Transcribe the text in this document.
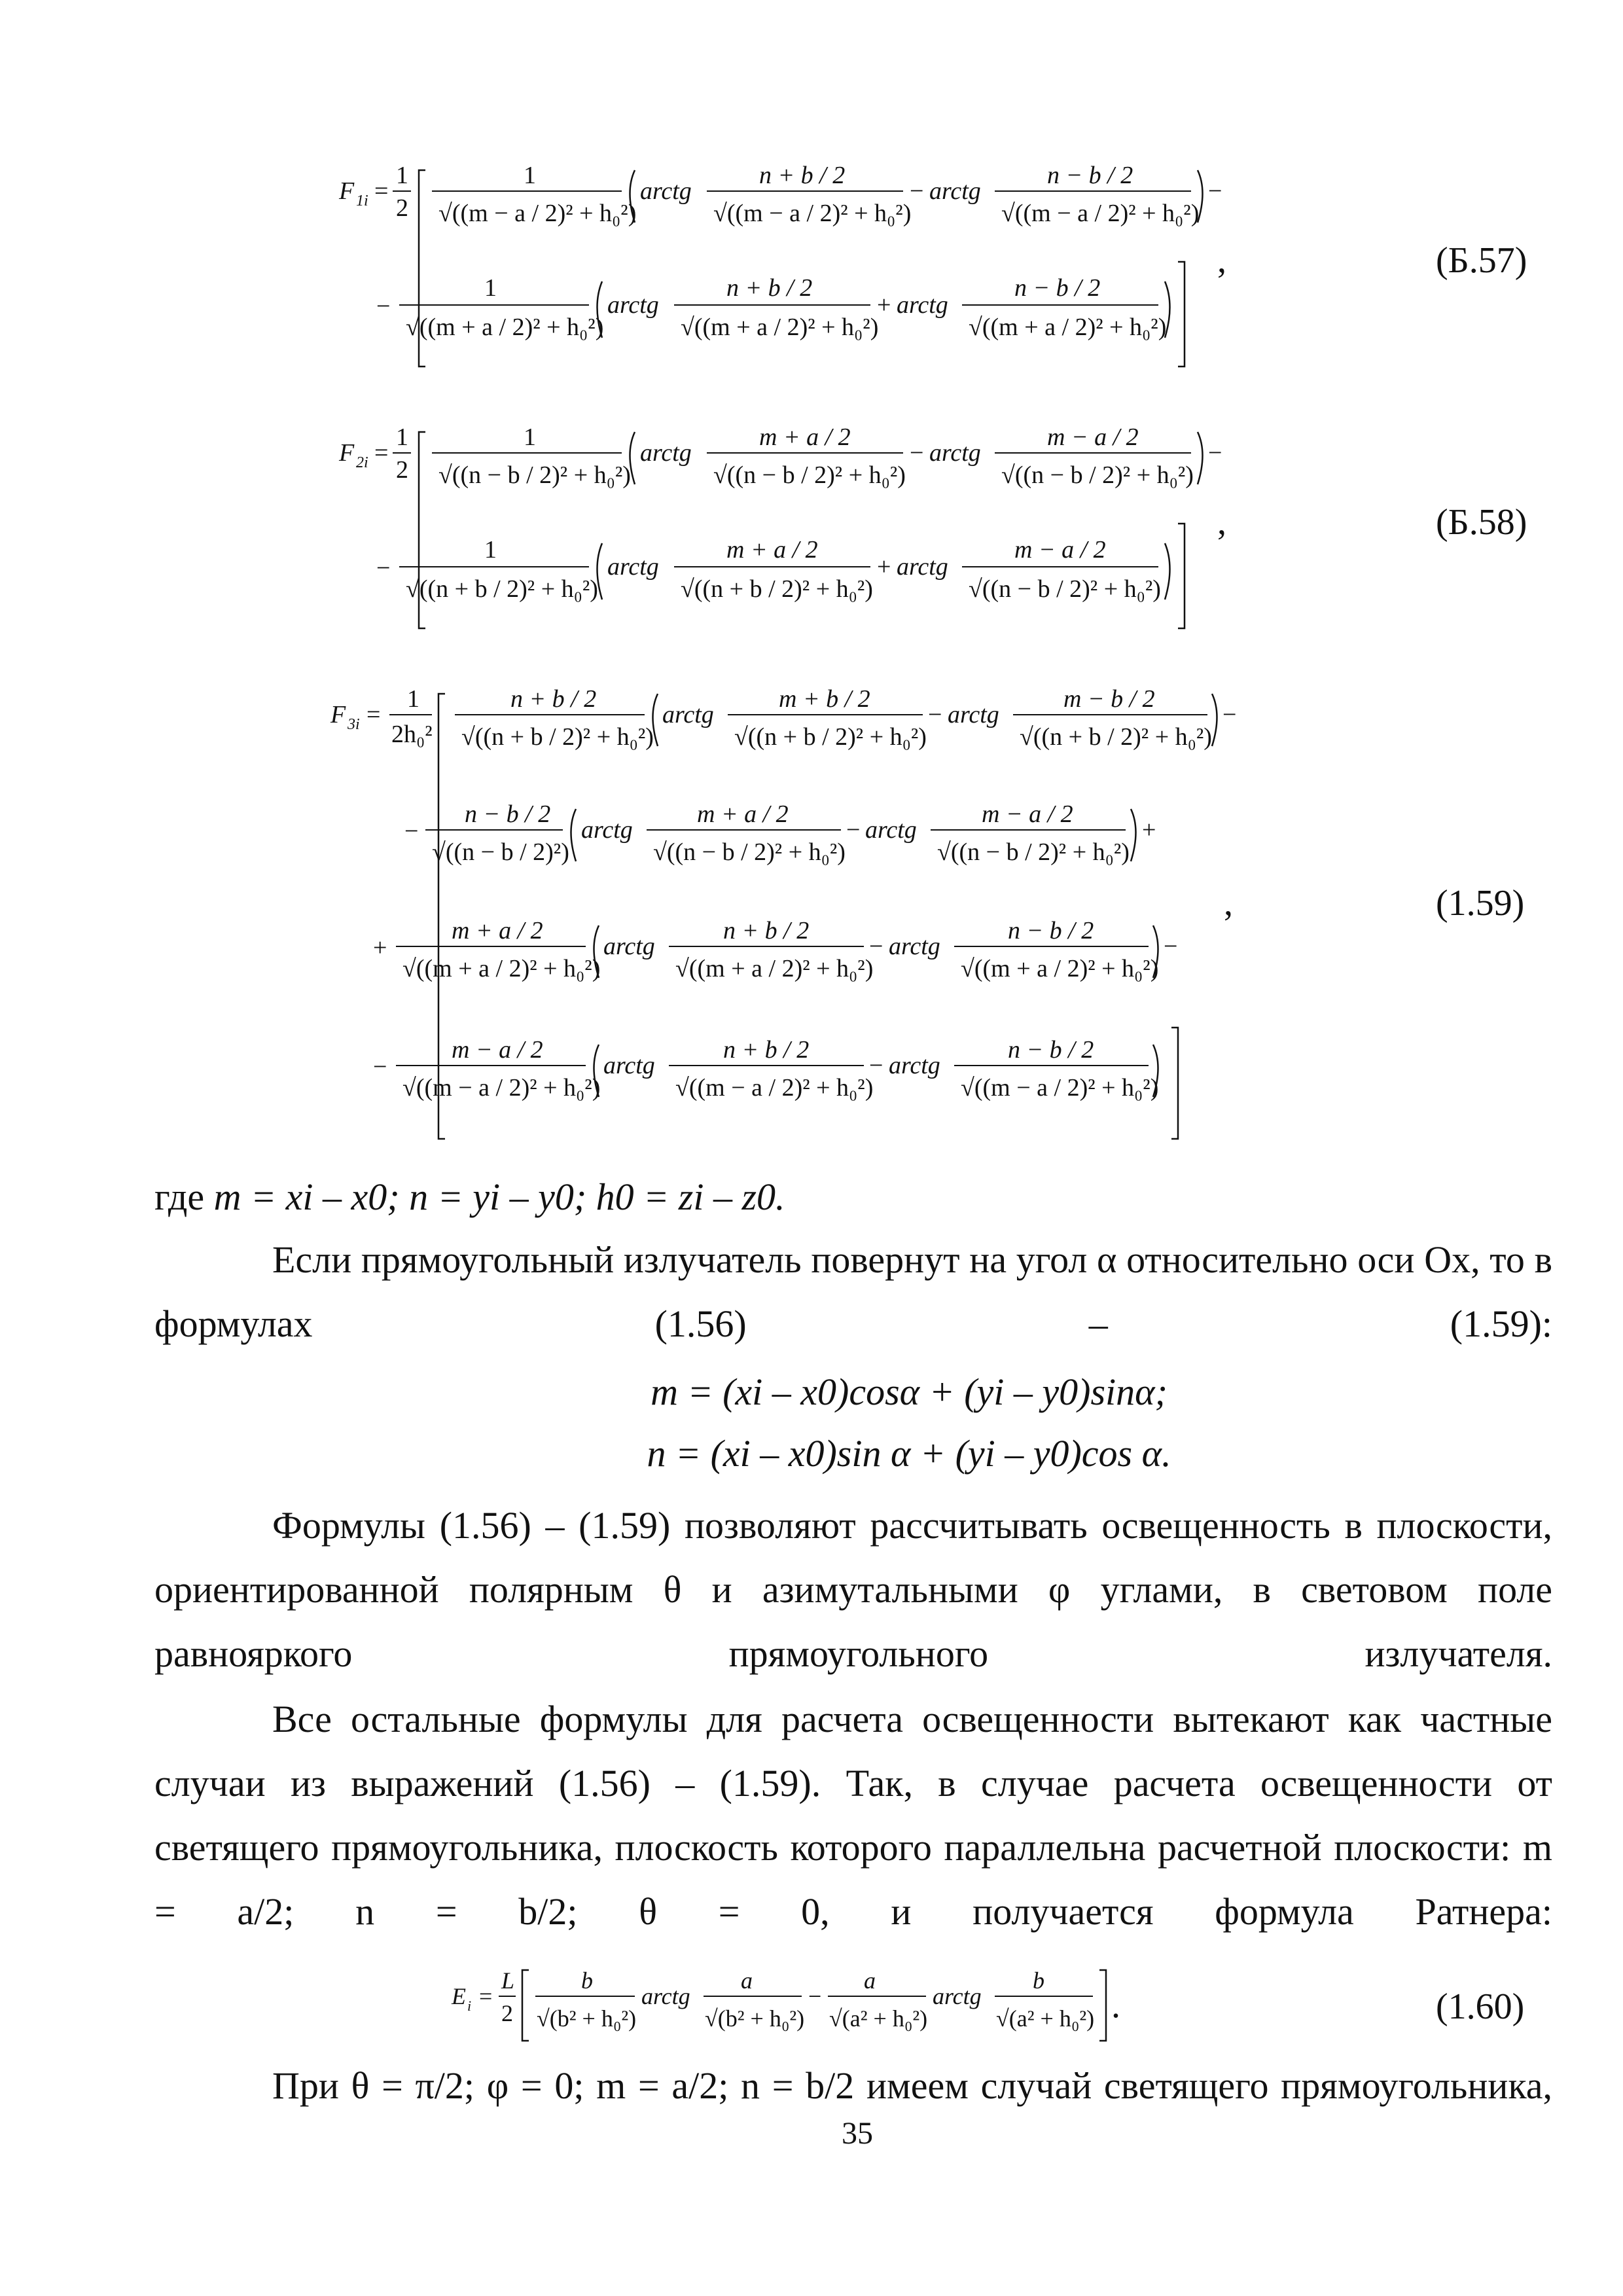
F 1i =
1
2
1
√((m − a / 2)² + h₀²)
arctg
n + b / 2
√((m − a / 2)² + h₀²)
− arctg
n − b / 2
√((m − a / 2)² + h₀²)
−
−
1
√((m + a / 2)² + h₀²)
arctg
n + b / 2
√((m + a / 2)² + h₀²)
+ arctg
n − b / 2
√((m + a / 2)² + h₀²)
,	(Б.57)
F 2i =
1
2
1
√((n − b / 2)² + h₀²)
arctg
m + a / 2
√((n − b / 2)² + h₀²)
− arctg
m − a / 2
√((n − b / 2)² + h₀²)
−
−
1
√((n + b / 2)² + h₀²)
arctg
m + a / 2
√((n + b / 2)² + h₀²)
+ arctg
m − a / 2
√((n − b / 2)² + h₀²)
,	(Б.58)
F 3i =
1
2h₀²
n + b / 2
√((n + b / 2)² + h₀²)
arctg
m + b / 2
√((n + b / 2)² + h₀²)
− arctg
m − b / 2
√((n + b / 2)² + h₀²)
−
−
n − b / 2
√((n − b / 2)²)
arctg
m + a / 2
√((n − b / 2)² + h₀²)
− arctg
m − a / 2
√((n − b / 2)² + h₀²)
+
+
m + a / 2
√((m + a / 2)² + h₀²)
arctg
n + b / 2
√((m + a / 2)² + h₀²)
− arctg
n − b / 2
√((m + a / 2)² + h₀²)
−
−
m − a / 2
√((m − a / 2)² + h₀²)
arctg
n + b / 2
√((m − a / 2)² + h₀²)
− arctg
n − b / 2
√((m − a / 2)² + h₀²)
,	(1.59)
где m = xi – x0; n = yi – y0; h0 = zi – z0.
Если прямоугольный излучатель повернут на угол α относительно оси Ох, то в формулах (1.56) – (1.59):
m = (xi – x0)cosα + (yi – y0)sinα;
n = (xi – x0)sin α + (yi – y0)cos α.
Формулы (1.56) – (1.59) позволяют рассчитывать освещенность в плоскости, ориентированной полярным θ и азимутальными φ углами, в световом поле равнояркого прямоугольного излучателя.
Все остальные формулы для расчета освещенности вытекают как частные случаи из выражений (1.56) – (1.59). Так, в случае расчета освещенности от светящего прямоугольника, плоскость которого параллельна расчетной плоскости: m = a/2; n = b/2; θ = 0, и получается формула Ратнера:
E i =
L
2
b
√(b² + h₀²)
arctg
a
√(b² + h₀²)
−
a
√(a² + h₀²)
arctg
b
√(a² + h₀²) .	(1.60)
При θ = π/2; φ = 0; m = a/2; n = b/2 имеем случай светящего прямоугольника,
35
